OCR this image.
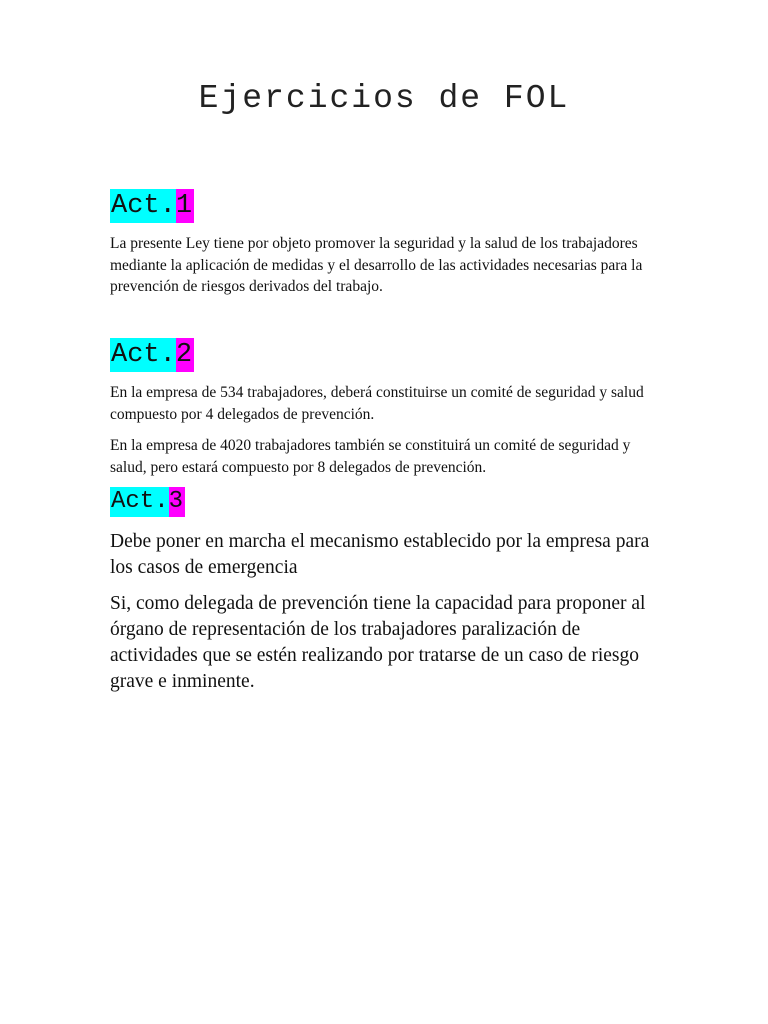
Ejercicios de FOL
Act. 1

La presente Ley tiene por objeto promover la seguridad y la salud de los trabajadores mediante la aplicación de medidas y el desarrollo de las actividades necesarias para la prevención de riesgos derivados del trabajo.

Act. 2

En la empresa de 534 trabajadores, deberá constituirse un comité de seguridad y salud compuesto por 4 delegados de prevención.

En la empresa de 4020 trabajadores también se constituirá un comité de seguridad y salud, pero estará compuesto por 8 delegados de prevención.

Act. 3

Debe poner en marcha el mecanismo establecido por la empresa para los casos de emergencia

Si, como delegada de prevención tiene la capacidad para proponer al órgano de representación de los trabajadores paralización de actividades que se estén realizando por tratarse de un caso de riesgo grave e inminente.
